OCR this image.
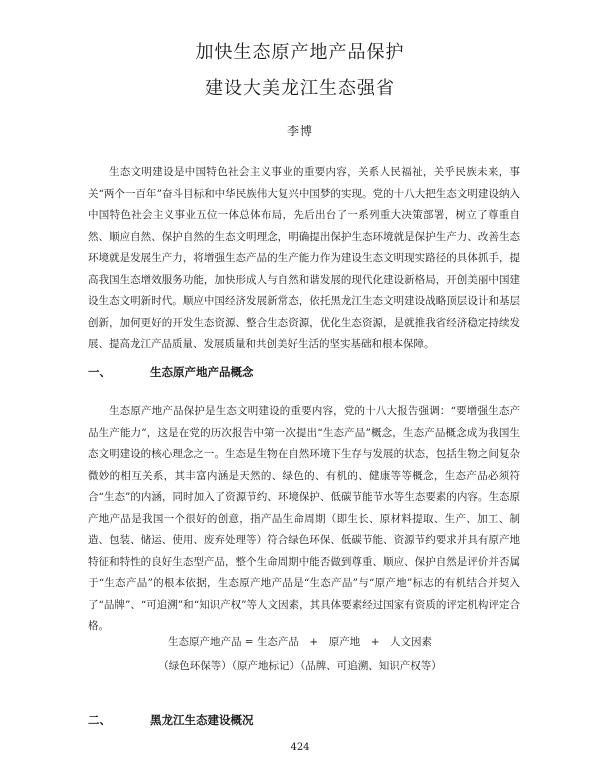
加快生态原产地产品保护
建设大美龙江生态强省
李博

生态文明建设是中国特色社会主义事业的重要内容，关系人民福祉，关乎民族未来，事关“两个一百年”奋斗目标和中华民族伟大复兴中国梦的实现。党的十八大把生态文明建设纳入中国特色社会主义事业五位一体总体布局，先后出台了一系列重大决策部署，树立了尊重自然、顺应自然、保护自然的生态文明理念，明确提出保护生态环境就是保护生产力、改善生态环境就是发展生产力，将增强生态产品的生产能力作为建设生态文明现实路径的具体抓手，提高我国生态增效服务功能，加快形成人与自然和谐发展的现代化建设新格局，开创美丽中国建设生态文明新时代。顺应中国经济发展新常态，依托黑龙江生态文明建设战略顶层设计和基层创新，加何更好的开发生态资源、整合生态资源，优化生态资源，是就推我省经济稳定持续发展、提高龙江产品质量、发展质量和共创美好生活的坚实基础和根本保障。

一、	生态原产地产品概念

生态原产地产品保护是生态文明建设的重要内容，党的十八大报告强调：“要增强生态产品生产能力”，这是在党的历次报告中第一次提出“生态产品”概念，生态产品概念成为我国生态文明建设的核心理念之一。生态是生物在自然环境下生存与发展的状态，包括生物之间复杂微妙的相互关系，其丰富内涵是天然的、绿色的、有机的、健康等等概念，生态产品必须符合“生态”的内涵，同时加入了资源节约、环境保护、低碳节能节水等生态要素的内容。生态原产地产品是我国一个很好的创意，指产品生命周期（即生长、原材料提取、生产、加工、制造、包装、储运、使用、废弃处理等）符合绿色环保、低碳节能、资源节约要求并具有原产地特征和特性的良好生态型产品，整个生命周期中能否做到尊重、顺应、保护自然是评价并否属于“生态产品”的根本依据，生态原产地产品是“生态产品”与“原产地”标志的有机结合并契入了“品牌”、“可追溯”和“知识产权”等人文因素，其具体要素经过国家有资质的评定机构评定合格。

生态原产地产品 = 生态产品　+　原产地　+　人文因素
（绿色环保等）（原产地标记）（品牌、可追溯、知识产权等）
二、	黑龙江生态建设概况
424
